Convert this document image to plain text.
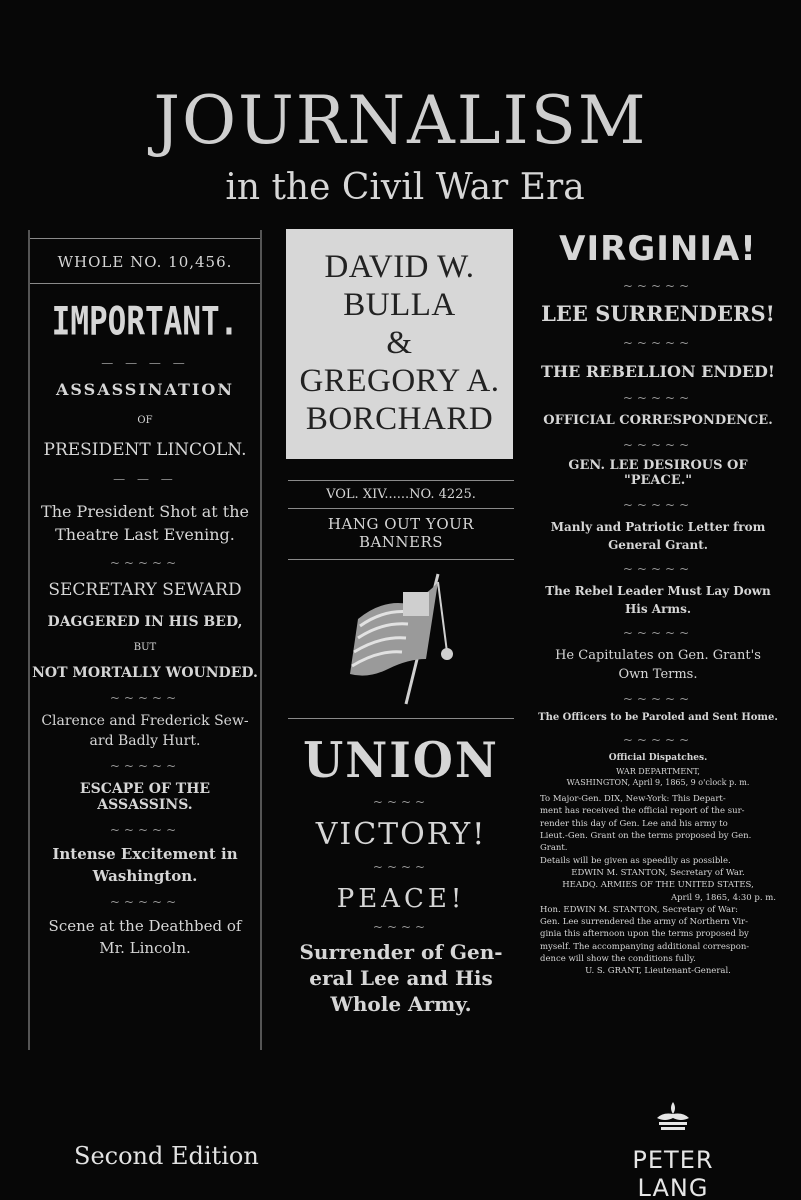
JOURNALISM
in the Civil War Era
WHOLE NO. 10,456.
IMPORTANT.
— — — —
ASSASSINATION
OF
PRESIDENT LINCOLN.
— — —
The President Shot at the
Theatre Last Evening.
~~~~~
SECRETARY SEWARD
DAGGERED IN HIS BED,
BUT
NOT MORTALLY WOUNDED.
~~~~~
Clarence and Frederick Sew-
ard Badly Hurt.
~~~~~
ESCAPE OF THE ASSASSINS.
~~~~~
Intense Excitement in
Washington.
~~~~~
Scene at the Deathbed of
Mr. Lincoln.
DAVID W.
BULLA
&
GREGORY A.
BORCHARD
VOL. XIV......NO. 4225.
HANG OUT YOUR BANNERS
UNION
~~~~
VICTORY!
~~~~
PEACE!
~~~~
Surrender of Gen-
eral Lee and His
Whole Army.
VIRGINIA!
~~~~~
LEE SURRENDERS!
~~~~~
THE REBELLION ENDED!
~~~~~
OFFICIAL CORRESPONDENCE.
~~~~~
GEN. LEE DESIROUS OF "PEACE."
~~~~~
Manly and Patriotic Letter from
General Grant.
~~~~~
The Rebel Leader Must Lay Down
His Arms.
~~~~~
He Capitulates on Gen. Grant's
Own Terms.
~~~~~
The Officers to be Paroled and Sent Home.
~~~~~
Official Dispatches.
WAR DEPARTMENT,
WASHINGTON, April 9, 1865, 9 o'clock p. m.
To Major-Gen. DIX, New-York: This Depart-
ment has received the official report of the sur-
render this day of Gen. Lee and his army to
Lieut.-Gen. Grant on the terms proposed by Gen.
Grant.
Details will be given as speedily as possible.
EDWIN M. STANTON, Secretary of War.
HEADQ. ARMIES OF THE UNITED STATES,
April 9, 1865, 4:30 p. m.
Hon. EDWIN M. STANTON, Secretary of War:
Gen. Lee surrendered the army of Northern Vir-
ginia this afternoon upon the terms proposed by
myself. The accompanying additional correspon-
dence will show the conditions fully.
U. S. GRANT, Lieutenant-General.
Second Edition	PETER LANG
